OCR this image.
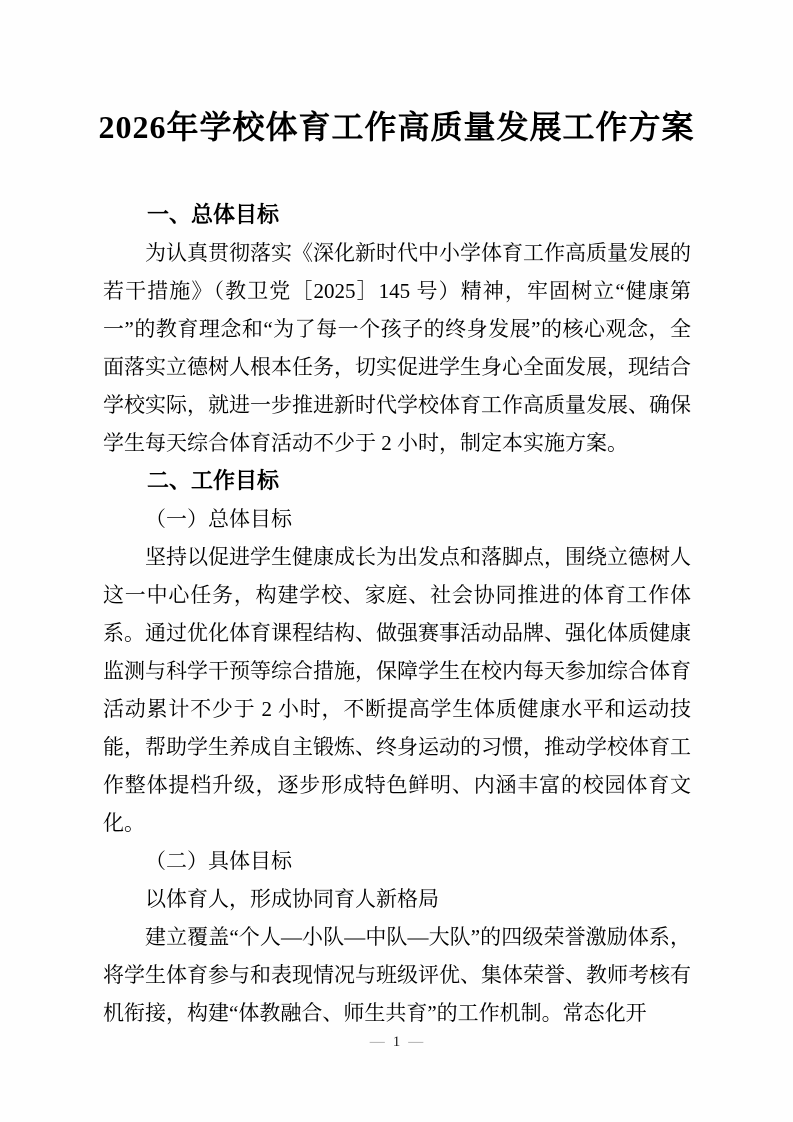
2026年学校体育工作高质量发展工作方案
一、总体目标

为认真贯彻落实《深化新时代中小学体育工作高质量发展的若干措施》（教卫党［2025］145 号）精神，牢固树立“健康第一”的教育理念和“为了每一个孩子的终身发展”的核心观念，全面落实立德树人根本任务，切实促进学生身心全面发展，现结合学校实际，就进一步推进新时代学校体育工作高质量发展、确保学生每天综合体育活动不少于 2 小时，制定本实施方案。

二、工作目标
（一）总体目标

坚持以促进学生健康成长为出发点和落脚点，围绕立德树人这一中心任务，构建学校、家庭、社会协同推进的体育工作体系。通过优化体育课程结构、做强赛事活动品牌、强化体质健康监测与科学干预等综合措施，保障学生在校内每天参加综合体育活动累计不少于 2 小时，不断提高学生体质健康水平和运动技能，帮助学生养成自主锻炼、终身运动的习惯，推动学校体育工作整体提档升级，逐步形成特色鲜明、内涵丰富的校园体育文化。

（二）具体目标

以体育人，形成协同育人新格局

建立覆盖“个人—小队—中队—大队”的四级荣誉激励体系，将学生体育参与和表现情况与班级评优、集体荣誉、教师考核有机衔接，构建“体教融合、师生共育”的工作机制。常态化开

— 1 —
